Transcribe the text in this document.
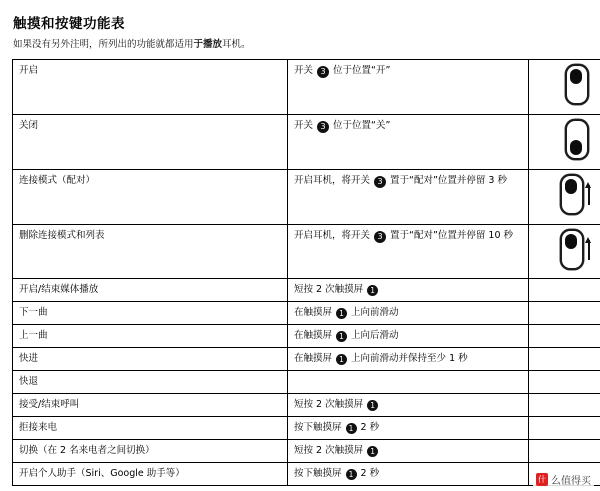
触摸和按键功能表
如果没有另外注明，所列出的功能就都适用于播放耳机。
开启	开关 3 位于位置“开”	

关闭	开关 3 位于位置“关”	

连接模式（配对）	开启耳机，将开关 3 置于“配对”位置并停留 3 秒	

删除连接模式和列表	开启耳机，将开关 3 置于“配对”位置并停留 10 秒	

开启/结束媒体播放	短按 2 次触摸屏 1	
下一曲	在触摸屏 1 上向前滑动	
上一曲	在触摸屏 1 上向后滑动	
快进	在触摸屏 1 上向前滑动并保持至少 1 秒	
快退		
接受/结束呼叫	短按 2 次触摸屏 1	
拒接来电	按下触摸屏 1 2 秒	
切换（在 2 名来电者之间切换）	短按 2 次触摸屏 1	
开启个人助手（Siri、Google 助手等）	按下触摸屏 1 2 秒	
什 么值得买
